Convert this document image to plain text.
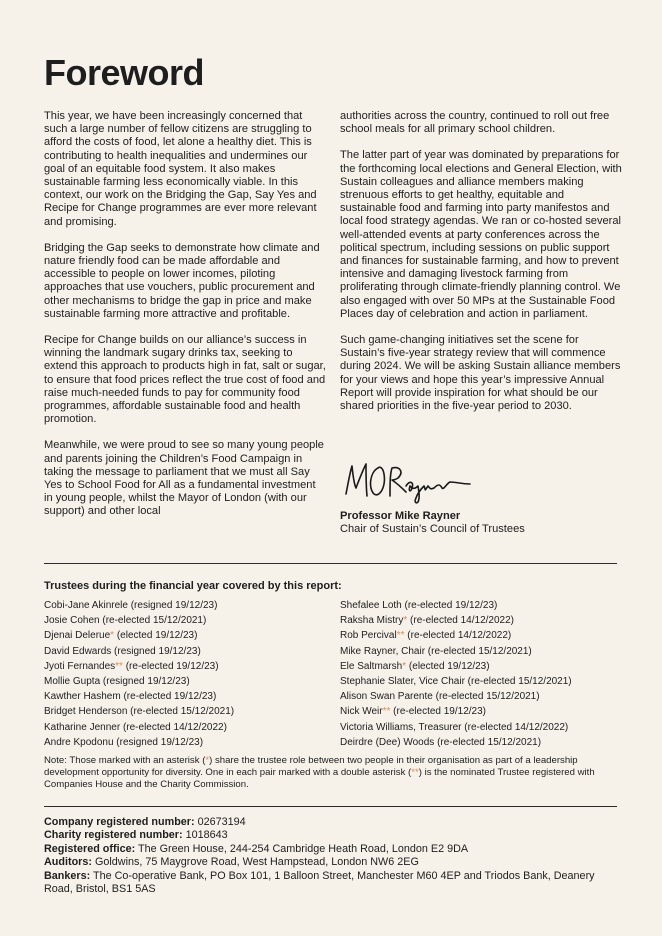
Foreword

This year, we have been increasingly concerned that such a large number of fellow citizens are struggling to afford the costs of food, let alone a healthy diet. This is contributing to health inequalities and undermines our goal of an equitable food system. It also makes sustainable farming less economically viable. In this context, our work on the Bridging the Gap, Say Yes and Recipe for Change programmes are ever more relevant and promising.

Bridging the Gap seeks to demonstrate how climate and nature friendly food can be made affordable and accessible to people on lower incomes, piloting approaches that use vouchers, public procurement and other mechanisms to bridge the gap in price and make sustainable farming more attractive and profitable.

Recipe for Change builds on our alliance’s success in winning the landmark sugary drinks tax, seeking to extend this approach to products high in fat, salt or sugar, to ensure that food prices reflect the true cost of food and raise much-needed funds to pay for community food programmes, affordable sustainable food and health promotion.

Meanwhile, we were proud to see so many young people and parents joining the Children’s Food Campaign in taking the message to parliament that we must all Say Yes to School Food for All as a fundamental investment in young people, whilst the Mayor of London (with our support) and other local

authorities across the country, continued to roll out free school meals for all primary school children.

The latter part of year was dominated by preparations for the forthcoming local elections and General Election, with Sustain colleagues and alliance members making strenuous efforts to get healthy, equitable and sustainable food and farming into party manifestos and local food strategy agendas. We ran or co-hosted several well-attended events at party conferences across the political spectrum, including sessions on public support and finances for sustainable farming, and how to prevent intensive and damaging livestock farming from proliferating through climate-friendly planning control. We also engaged with over 50 MPs at the Sustainable Food Places day of celebration and action in parliament.

Such game-changing initiatives set the scene for Sustain’s five-year strategy review that will commence during 2024. We will be asking Sustain alliance members for your views and hope this year’s impressive Annual Report will provide inspiration for what should be our shared priorities in the five-year period to 2030.

Professor Mike Rayner
Chair of Sustain’s Council of Trustees
Trustees during the financial year covered by this report:
Cobi-Jane Akinrele (resigned 19/12/23)
Josie Cohen (re-elected 15/12/2021)
Djenai Delerue* (elected 19/12/23)
David Edwards (resigned 19/12/23)
Jyoti Fernandes** (re-elected 19/12/23)
Mollie Gupta (resigned 19/12/23)
Kawther Hashem (re-elected 19/12/23)
Bridget Henderson (re-elected 15/12/2021)
Katharine Jenner (re-elected 14/12/2022)
Andre Kpodonu (resigned 19/12/23)
Shefalee Loth (re-elected 19/12/23)
Raksha Mistry* (re-elected 14/12/2022)
Rob Percival** (re-elected 14/12/2022)
Mike Rayner, Chair (re-elected 15/12/2021)
Ele Saltmarsh* (elected 19/12/23)
Stephanie Slater, Vice Chair (re-elected 15/12/2021)
Alison Swan Parente (re-elected 15/12/2021)
Nick Weir** (re-elected 19/12/23)
Victoria Williams, Treasurer (re-elected 14/12/2022)
Deirdre (Dee) Woods (re-elected 15/12/2021)
Note: Those marked with an asterisk (*) share the trustee role between two people in their organisation as part of a leadership development opportunity for diversity. One in each pair marked with a double asterisk (**) is the nominated Trustee registered with Companies House and the Charity Commission.

Company registered number: 02673194

Charity registered number: 1018643

Registered office: The Green House, 244-254 Cambridge Heath Road, London E2 9DA

Auditors: Goldwins, 75 Maygrove Road, West Hampstead, London NW6 2EG

Bankers: The Co-operative Bank, PO Box 101, 1 Balloon Street, Manchester M60 4EP and Triodos Bank, Deanery Road, Bristol, BS1 5AS
